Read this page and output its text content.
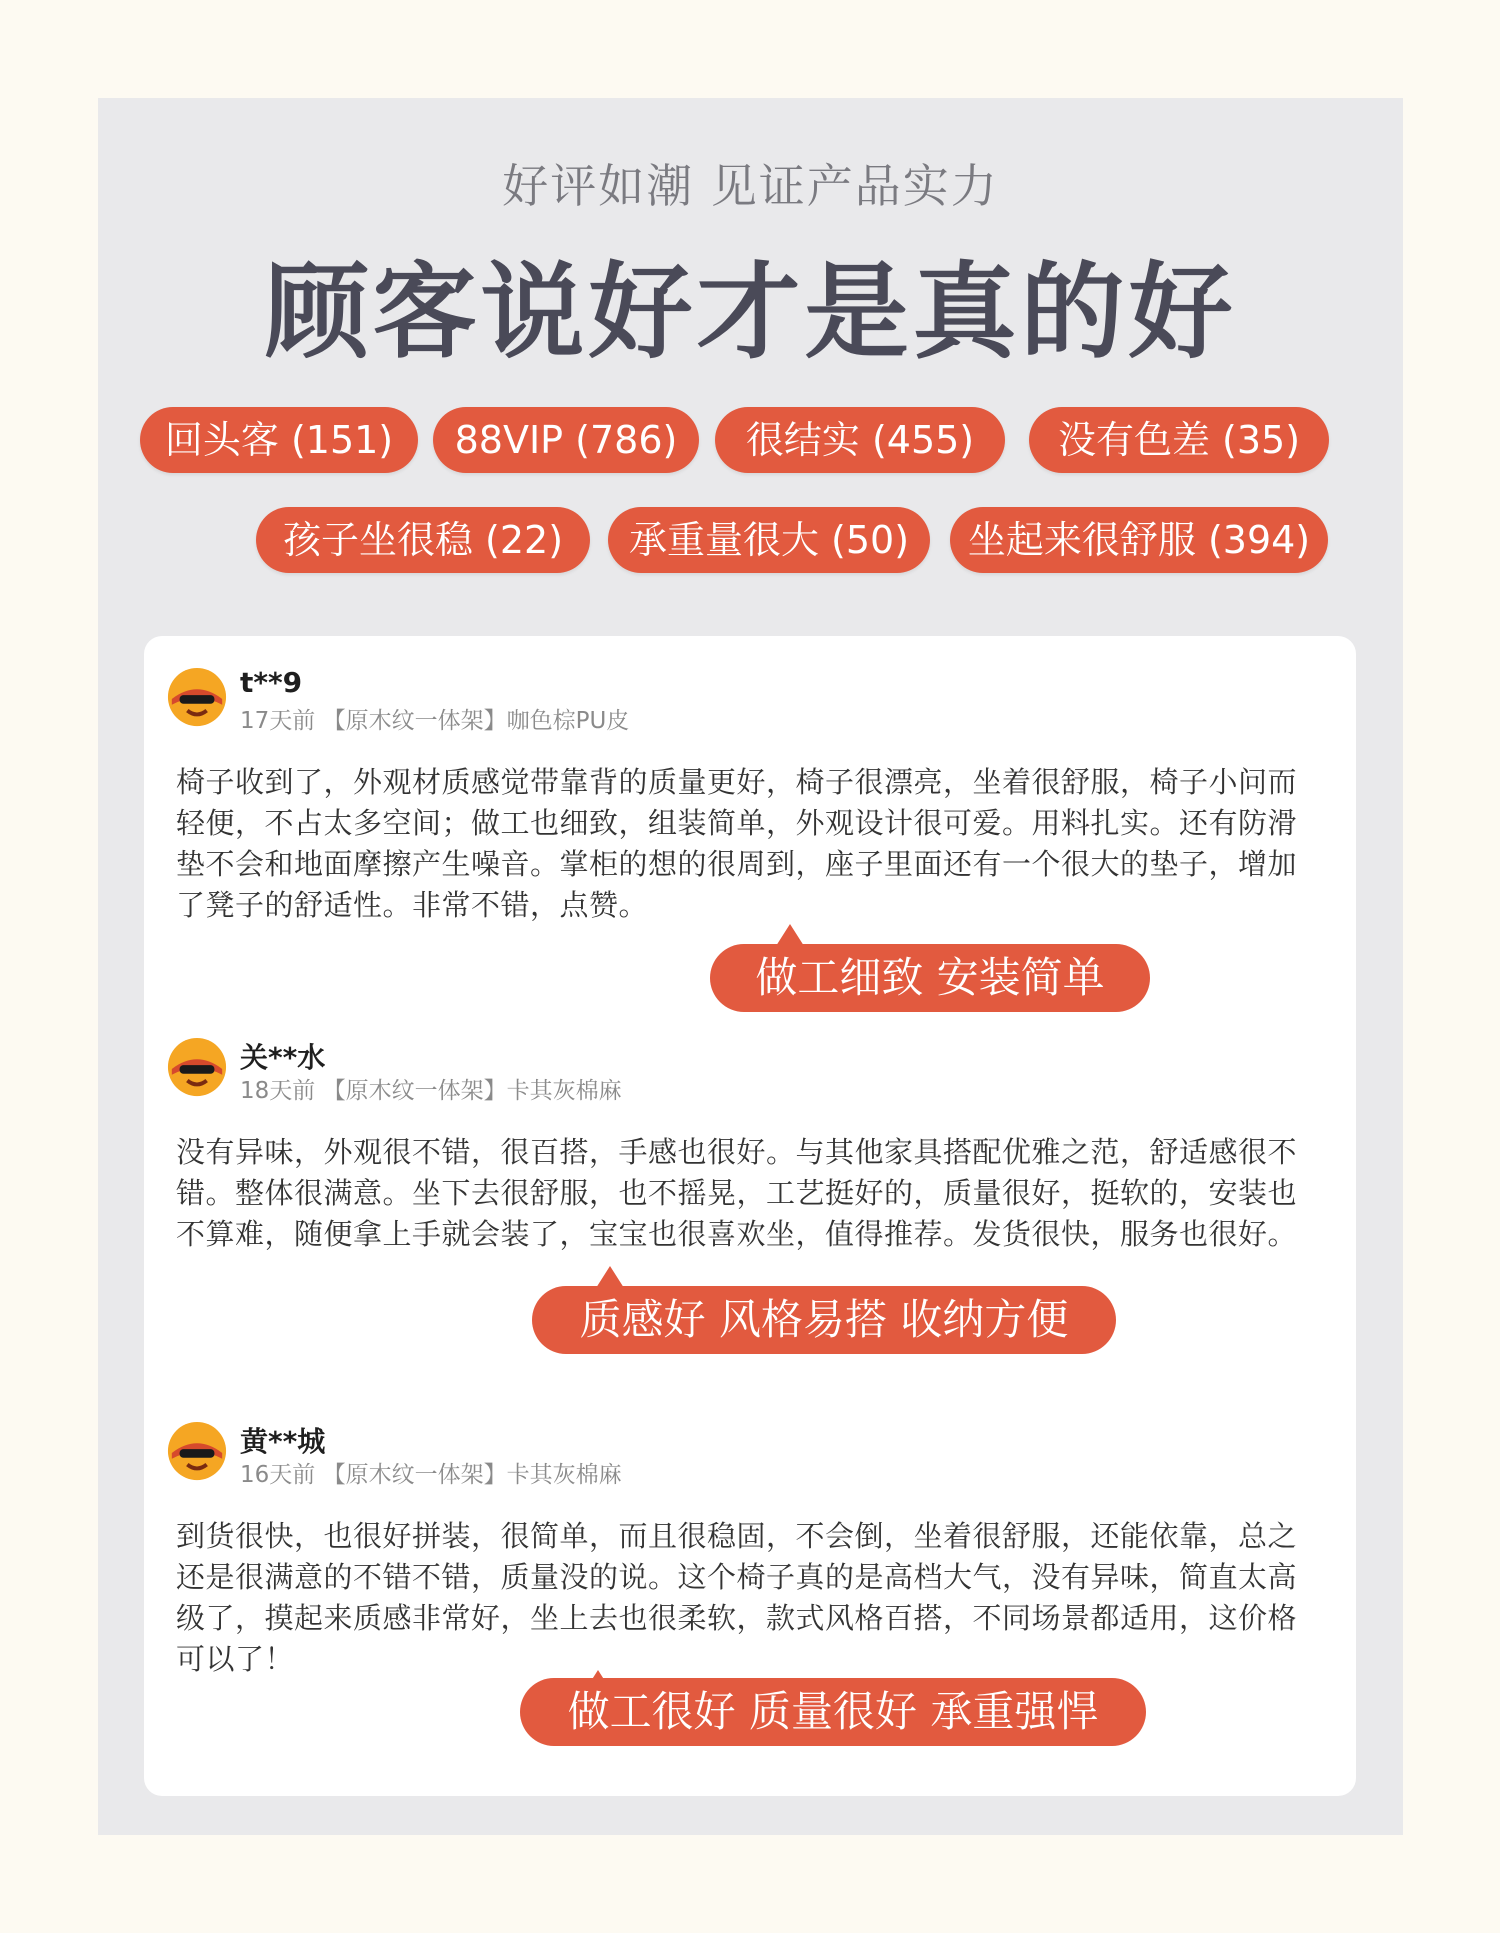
好评如潮 见证产品实力
顾客说好才是真的好
回头客 (151)	88VIP (786)	很结实 (455)	没有色差 (35)
孩子坐很稳 (22)	承重量很大 (50)	坐起来很舒服 (394)
t**9
17天前 【原木纹一体架】咖色棕PU皮
椅子收到了，外观材质感觉带靠背的质量更好，椅子很漂亮，坐着很舒服，椅子小问而轻便，不占太多空间；做工也细致，组装简单，外观设计很可爱。用料扎实。还有防滑垫不会和地面摩擦产生噪音。掌柜的想的很周到，座子里面还有一个很大的垫子，增加了凳子的舒适性。非常不错，点赞。
做工细致 安装简单
关**水
18天前 【原木纹一体架】卡其灰棉麻
没有异味，外观很不错，很百搭，手感也很好。与其他家具搭配优雅之范，舒适感很不错。整体很满意。坐下去很舒服，也不摇晃，工艺挺好的，质量很好，挺软的，安装也不算难，随便拿上手就会装了，宝宝也很喜欢坐，值得推荐。发货很快，服务也很好。
质感好 风格易搭 收纳方便
黄**城
16天前 【原木纹一体架】卡其灰棉麻
到货很快，也很好拼装，很简单，而且很稳固，不会倒，坐着很舒服，还能依靠，总之还是很满意的不错不错，质量没的说。这个椅子真的是高档大气，没有异味，简直太高级了，摸起来质感非常好，坐上去也很柔软，款式风格百搭，不同场景都适用，这价格可以了！
做工很好 质量很好 承重强悍
